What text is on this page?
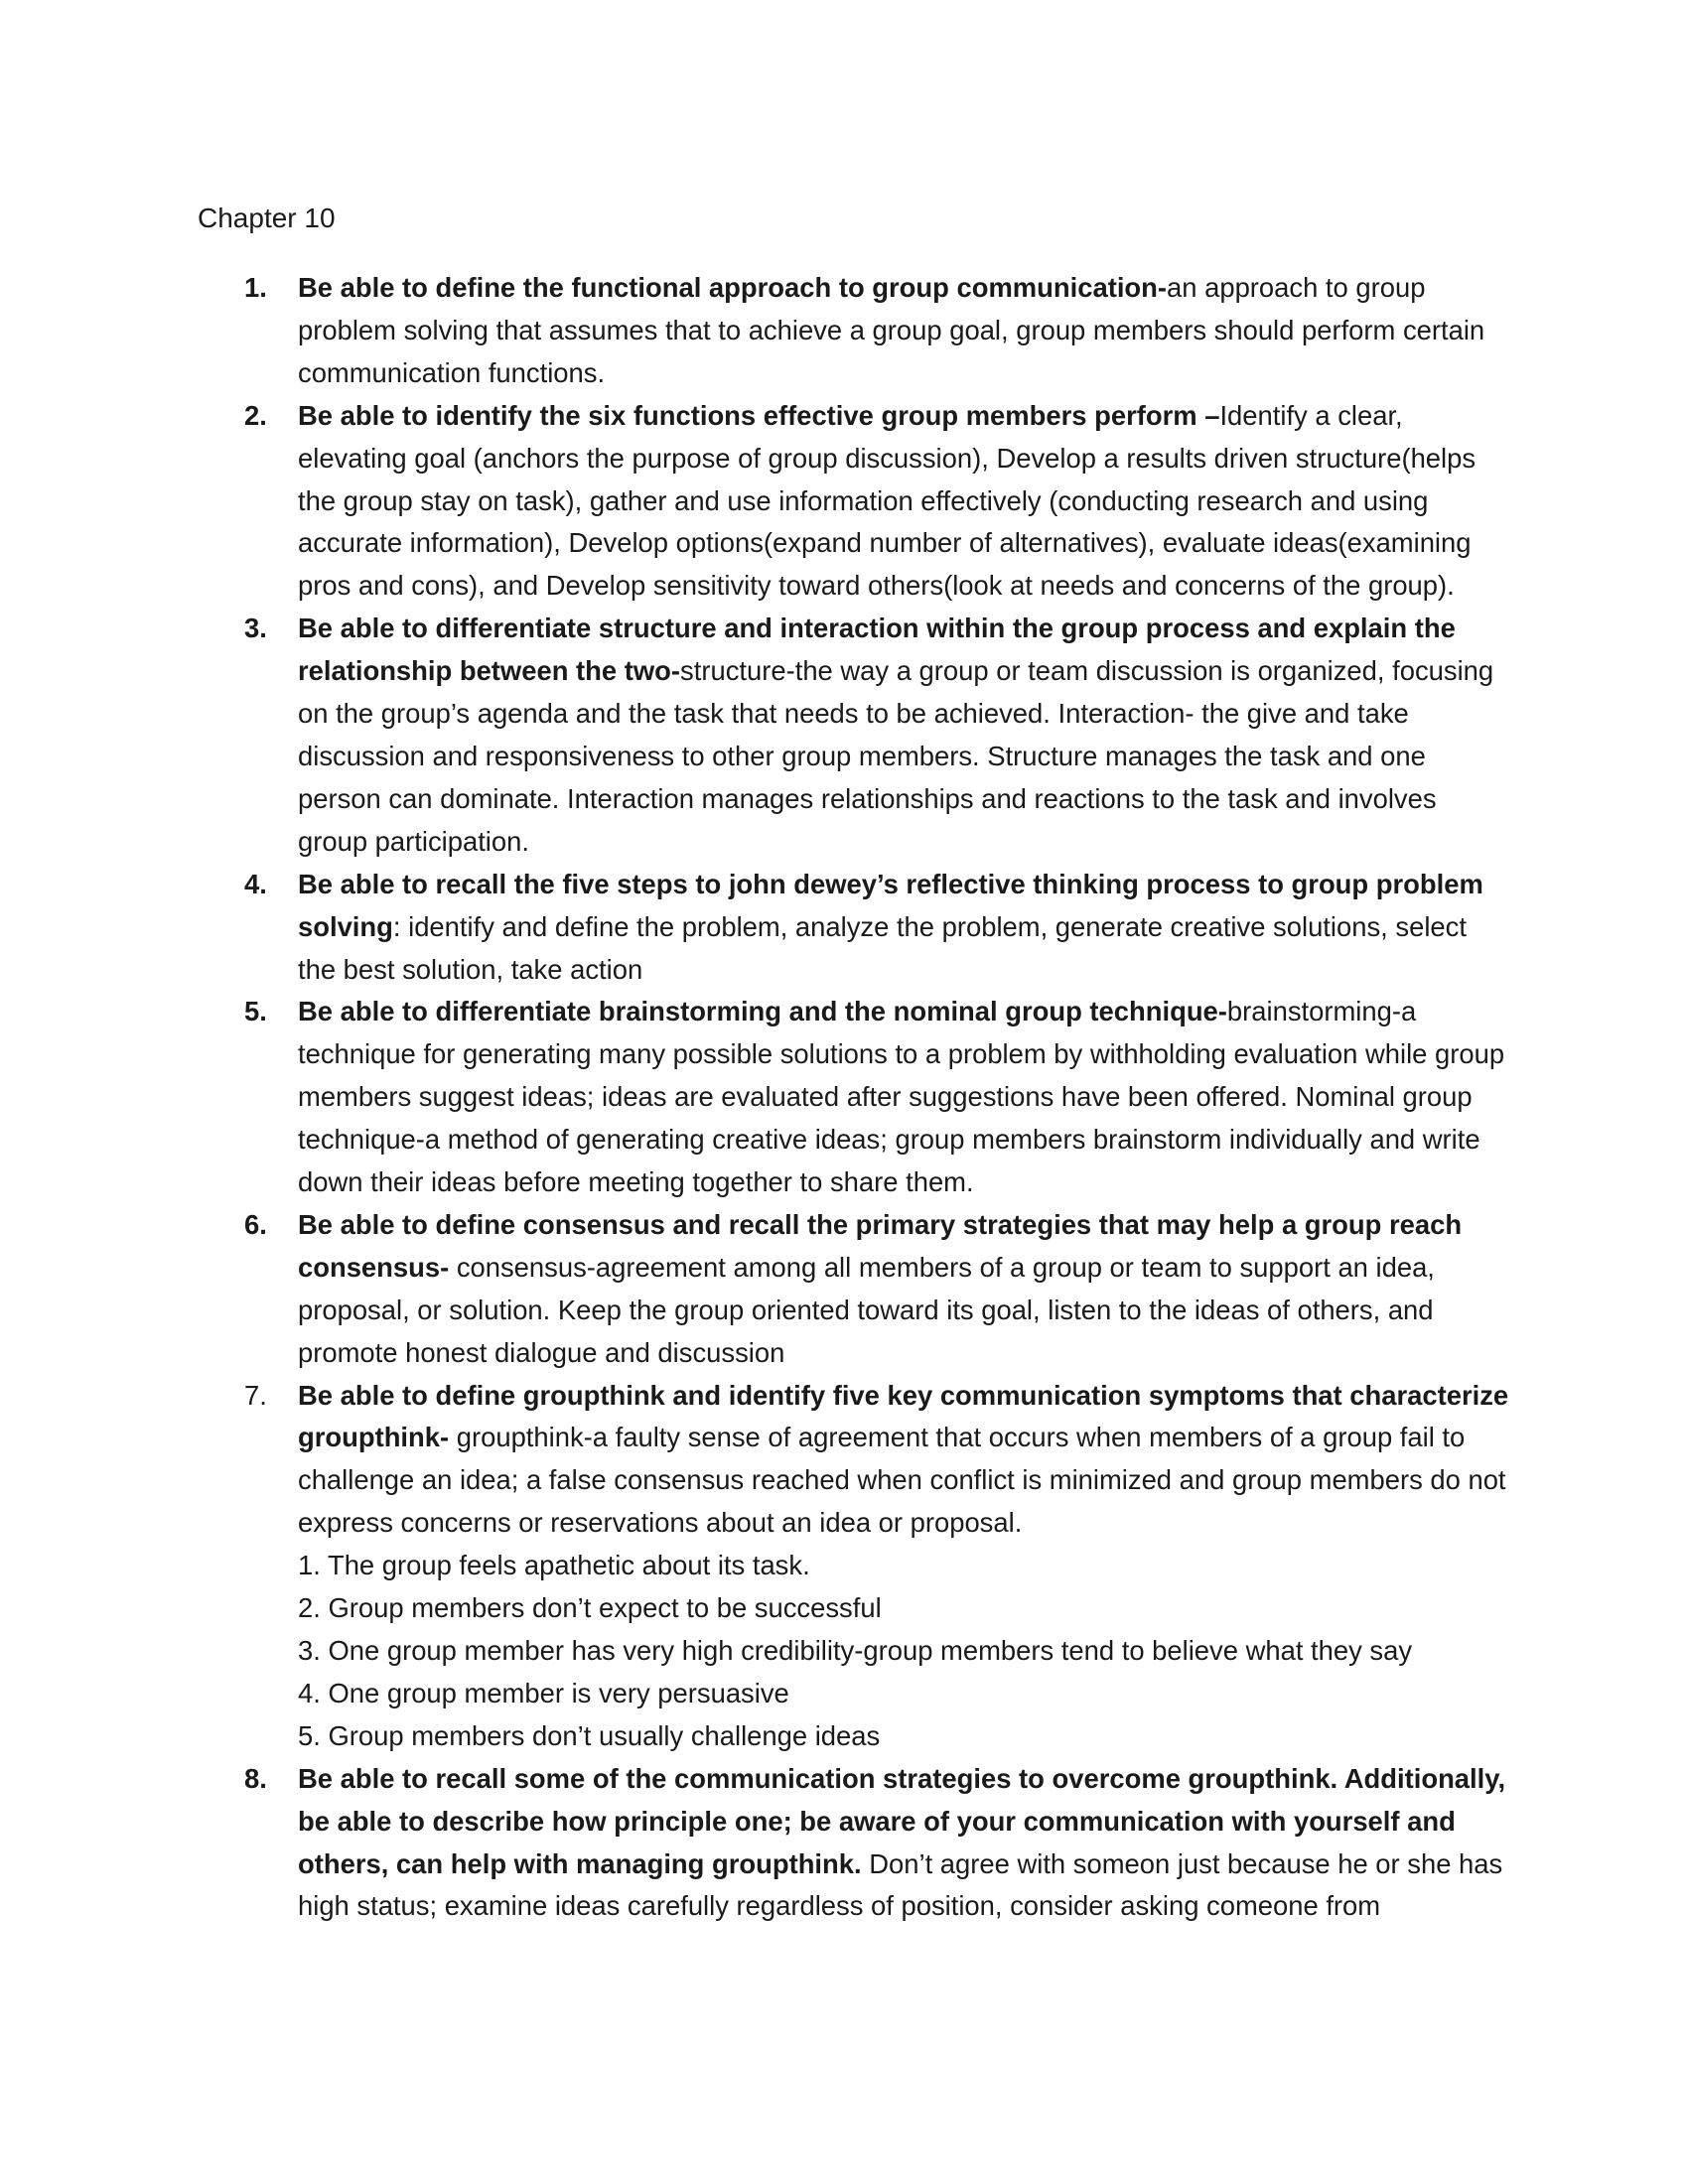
Chapter 10
1.	Be able to define the functional approach to group communication-an approach to group problem solving that assumes that to achieve a group goal, group members should perform certain communication functions.
2.	Be able to identify the six functions effective group members perform –Identify a clear, elevating goal (anchors the purpose of group discussion), Develop a results driven structure(helps the group stay on task), gather and use information effectively (conducting research and using accurate information), Develop options(expand number of alternatives), evaluate ideas(examining pros and cons), and Develop sensitivity toward others(look at needs and concerns of the group).
3.	Be able to differentiate structure and interaction within the group process and explain the relationship between the two-structure-the way a group or team discussion is organized, focusing on the group’s agenda and the task that needs to be achieved. Interaction- the give and take discussion and responsiveness to other group members. Structure manages the task and one person can dominate. Interaction manages relationships and reactions to the task and involves group participation.
4.	Be able to recall the five steps to john dewey’s reflective thinking process to group problem solving: identify and define the problem, analyze the problem, generate creative solutions, select the best solution, take action
5.	Be able to differentiate brainstorming and the nominal group technique-brainstorming-a technique for generating many possible solutions to a problem by withholding evaluation while group members suggest ideas; ideas are evaluated after suggestions have been offered. Nominal group technique-a method of generating creative ideas; group members brainstorm individually and write down their ideas before meeting together to share them.
6.	Be able to define consensus and recall the primary strategies that may help a group reach consensus- consensus-agreement among all members of a group or team to support an idea, proposal, or solution. Keep the group oriented toward its goal, listen to the ideas of others, and promote honest dialogue and discussion
7.	Be able to define groupthink and identify five key communication symptoms that characterize groupthink- groupthink-a faulty sense of agreement that occurs when members of a group fail to challenge an idea; a false consensus reached when conflict is minimized and group members do not express concerns or reservations about an idea or proposal.
1. The group feels apathetic about its task.
2. Group members don’t expect to be successful
3. One group member has very high credibility-group members tend to believe what they say
4. One group member is very persuasive
5. Group members don’t usually challenge ideas
8.	Be able to recall some of the communication strategies to overcome groupthink. Additionally, be able to describe how principle one; be aware of your communication with yourself and others, can help with managing groupthink. Don’t agree with someon just because he or she has high status; examine ideas carefully regardless of position, consider asking comeone from
